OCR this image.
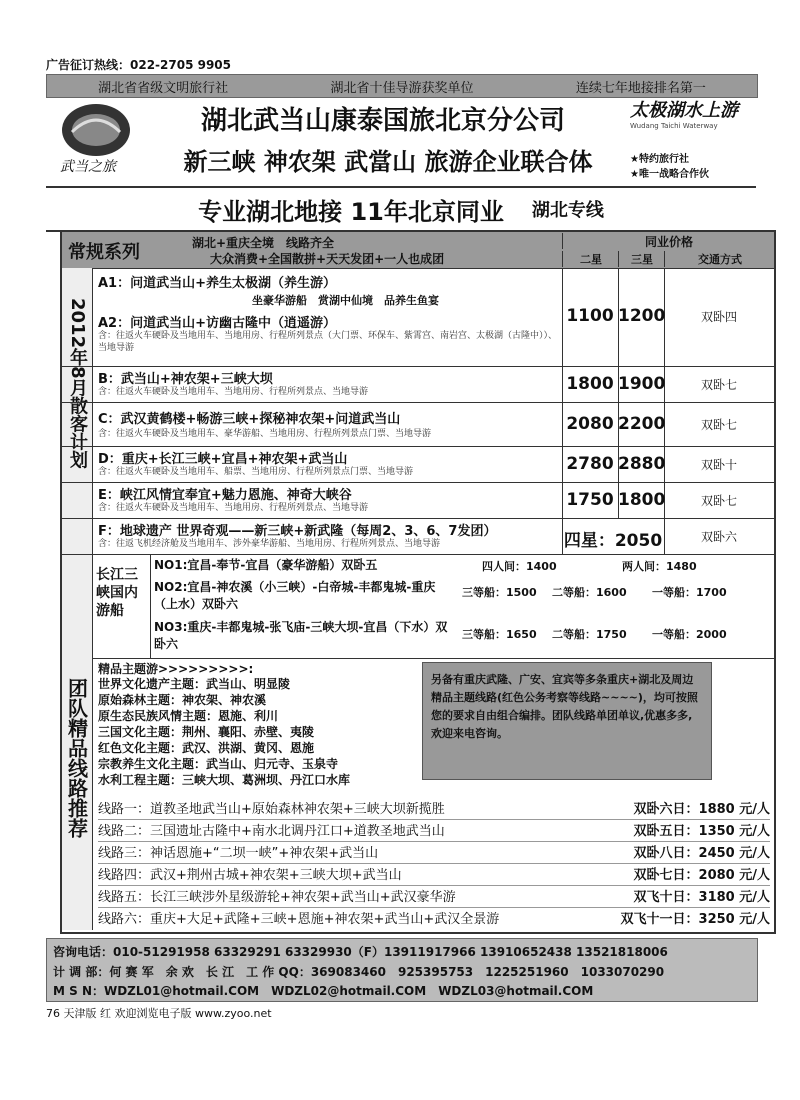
广告征订热线：022-2705 9905
湖北省省级文明旅行社	湖北省十佳导游获奖单位	连续七年地接排名第一
武当之旅
湖北武当山康泰国旅北京分公司
新三峡 神农架 武當山 旅游企业联合体
太极湖水上游
Wudang Taichi Waterway
★特约旅行社
★唯一战略合作伙
专业湖北地接 11年北京同业 湖北专线
常规系列	湖北+重庆全境　线路齐全
大众消费+全国散拼+天天发团+一人也成团
同业价格
二星	三星	交通方式
2012年8月散客计划
A1：问道武当山+养生太极湖（养生游）
坐豪华游船　赏湖中仙境　品养生鱼宴
A2：问道武当山+访幽古隆中（逍遥游）
含：往返火车硬卧及当地用车、当地用房、行程所列景点（大门票、环保车、紫霄宫、南岩宫、太极湖（古隆中））、当地导游
1100 1200	双卧四
B：武当山+神农架+三峡大坝
含：往返火车硬卧及当地用车、当地用房、行程所列景点、当地导游	1800 1900	双卧七
C：武汉黄鹤楼+畅游三峡+探秘神农架+问道武当山
含：往返火车硬卧及当地用车、豪华游船、当地用房、行程所列景点门票、当地导游	2080 2200	双卧七
D：重庆+长江三峡+宜昌+神农架+武当山
含：往返火车硬卧及当地用车、船票、当地用房、行程所列景点门票、当地导游	2780 2880	双卧十
E：峡江风情宜奉宜+魅力恩施、神奇大峡谷
含：往返火车硬卧及当地用车、当地用房、行程所列景点、当地导游	1750 1800	双卧七
F：地球遗产 世界奇观——新三峡+新武隆（每周2、3、6、7发团）
含：往返飞机经济舱及当地用车、涉外豪华游船、当地用房、行程所列景点、当地导游	四星：2050	双卧六
长江三峡国内游船
NO1:宜昌-奉节-宜昌（豪华游船）双卧五	四人间：1400	两人间：1480
NO2:宜昌-神农溪（小三峡）-白帝城-丰都鬼城-重庆（上水）双卧六
三等船：1500 二等船：1600 一等船：1700
NO3:重庆-丰都鬼城-张飞庙-三峡大坝-宜昌（下水）双卧六
三等船：1650 二等船：1750 一等船：2000
团队精品线路推荐
精品主题游>>>>>>>>>:
世界文化遗产主题：武当山、明显陵
原始森林主题：神农架、神农溪
原生态民族风情主题：恩施、利川
三国文化主题：荆州、襄阳、赤壁、夷陵
红色文化主题：武汉、洪湖、黄冈、恩施
宗教养生文化主题：武当山、归元寺、玉泉寺
水利工程主题：三峡大坝、葛洲坝、丹江口水库
另备有重庆武隆、广安、宜宾等多条重庆+湖北及周边精品主题线路(红色公务考察等线路~~~~)，均可按照您的要求自由组合编排。团队线路单团单议,优惠多多,欢迎来电咨询。
线路一：道教圣地武当山+原始森林神农架+三峡大坝新揽胜	双卧六日：1880 元/人
线路二：三国遗址古隆中+南水北调丹江口+道教圣地武当山	双卧五日：1350 元/人
线路三：神话恩施+“二坝一峡”+神农架+武当山	双卧八日：2450 元/人
线路四：武汉+荆州古城+神农架+三峡大坝+武当山	双卧七日：2080 元/人
线路五：长江三峡涉外星级游轮+神农架+武当山+武汉豪华游	双飞十日：3180 元/人
线路六：重庆+大足+武隆+三峡+恩施+神农架+武当山+武汉全景游	双飞十一日：3250 元/人
咨询电话：010-51291958 63329291 63329930（F）13911917966 13910652438 13521818006
计 调 部：何 赛 军　余 欢　长 江　工 作 QQ：369083460　925395753　1225251960　1033070290
M S N：WDZL01@hotmail.COM　WDZL02@hotmail.COM　WDZL03@hotmail.COM
76 天津版 红 欢迎浏览电子版 www.zyoo.net
